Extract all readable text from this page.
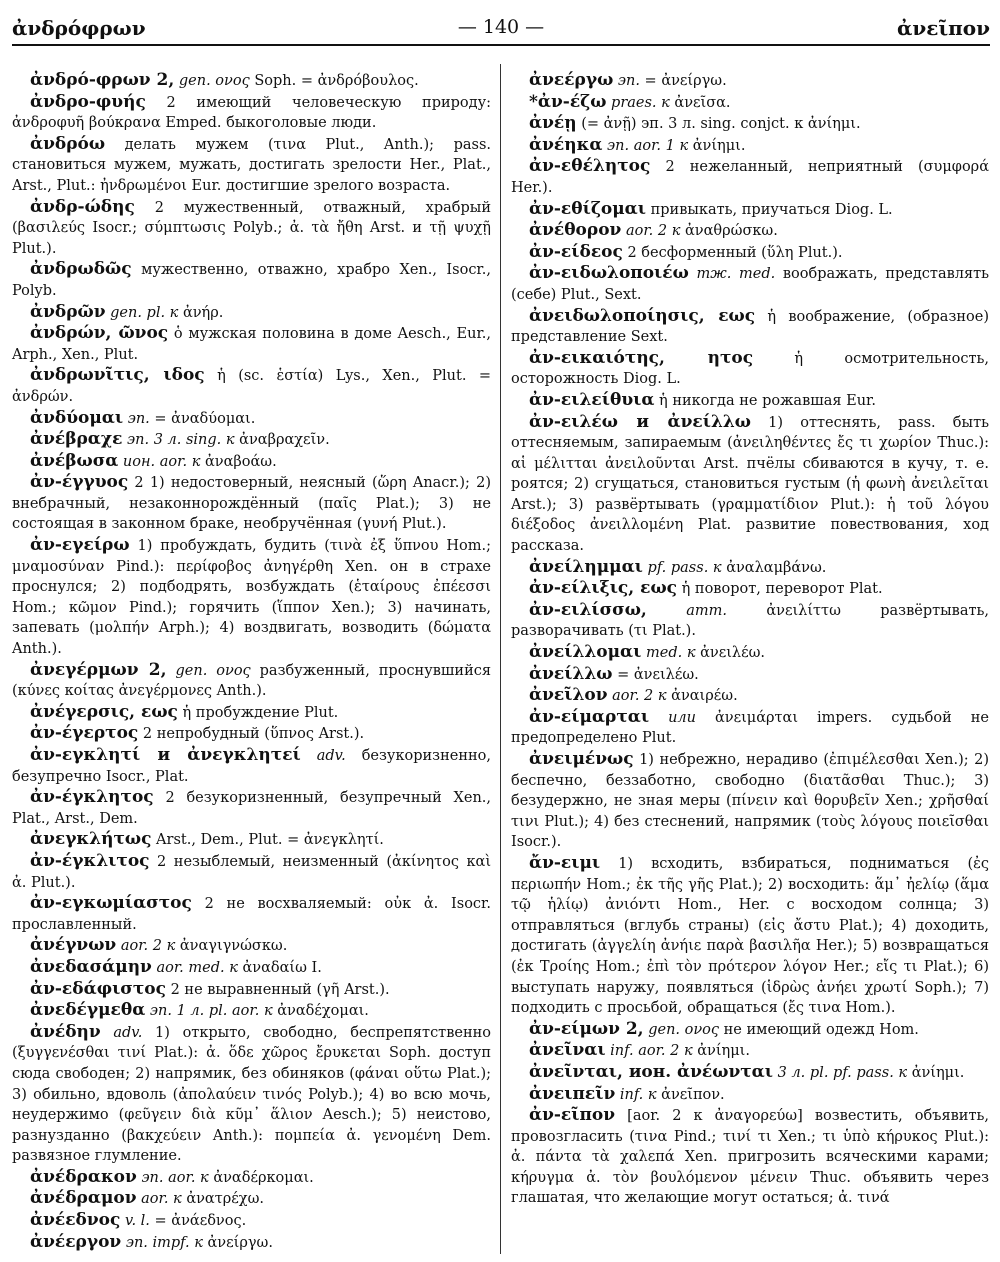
ἀνδρόφρων	— 140 —	ἀνεῖπον

ἀνδρό-φρων 2, gen. ονος Soph. = ἀνδρόβουλος.

ἀνδρο-φυής 2 имеющий человеческую природу: ἀνδροφυῆ βούκρανα Emped. быкоголовые люди.

ἀνδρόω делать мужем (τινα Plut., Anth.); pass. становиться мужем, мужать, достигать зрелости Her., Plat., Arst., Plut.: ἠνδρωμένοι Eur. достигшие зрелого возраста.

ἀνδρ-ώδης 2 мужественный, отважный, храбрый (βασιλεύς Isocr.; σύμπτωσις Polyb.; ἀ. τὰ ἤθη Arst. и τῇ ψυχῇ Plut.).

ἀνδρωδῶς мужественно, отважно, храбро Xen., Isocr., Polyb.

ἀνδρῶν gen. pl. к ἀνήρ.

ἀνδρών, ῶνος ὁ мужская половина в доме Aesch., Eur., Arph., Xen., Plut.

ἀνδρωνῖτις, ιδος ἡ (sc. ἑστία) Lys., Xen., Plut. = ἀνδρών.

ἀνδύομαι эп. = ἀναδύομαι.

ἀνέβραχε эп. 3 л. sing. к ἀναβραχεῖν.

ἀνέβωσα ион. aor. к ἀναβοάω.

ἀν-έγγυος 2 1) недостоверный, неясный (ὥρη Anacr.); 2) внебрачный, незаконнорождённый (παῖς Plat.); 3) не состоящая в законном браке, необручённая (γυνή Plut.).

ἀν-εγείρω 1) пробуждать, будить (τινὰ ἐξ ὕπνου Hom.; μναμοσύναν Pind.): περίφοβος ἀνηγέρθη Xen. он в страхе проснулся; 2) подбодрять, возбуждать (ἑταίρους ἐπέεσσι Hom.; κῶμον Pind.); горячить (ἵππον Xen.); 3) начинать, запевать (μολπήν Arph.); 4) воздвигать, возводить (δώματα Anth.).

ἀνεγέρμων 2, gen. ονος разбуженный, проснувшийся (κύνες κοίτας ἀνεγέρμονες Anth.).

ἀνέγερσις, εως ἡ пробуждение Plut.

ἀν-έγερτος 2 непробудный (ὕπνος Arst.).

ἀν-εγκλητί и ἀνεγκλητεί adv. безукоризненно, безупречно Isocr., Plat.

ἀν-έγκλητος 2 безукоризненный, безупречный Xen., Plat., Arst., Dem.

ἀνεγκλήτως Arst., Dem., Plut. = ἀνεγκλητί.

ἀν-έγκλιτος 2 незыблемый, неизменный (ἀκίνητος καὶ ἀ. Plut.).

ἀν-εγκωμίαστος 2 не восхваляемый: οὐκ ἀ. Isocr. прославленный.

ἀνέγνων aor. 2 к ἀναγιγνώσκω.

ἀνεδασάμην aor. med. к ἀναδαίω I.

ἀν-εδάφιστος 2 не выравненный (γῆ Arst.).

ἀνεδέγμεθα эп. 1 л. pl. aor. к ἀναδέχομαι.

ἀνέδην adv. 1) открыто, свободно, беспрепятственно (ξυγγενέσθαι τινί Plat.): ἀ. ὅδε χῶρος ἔρυκεται Soph. доступ сюда свободен; 2) напрямик, без обиняков (φάναι οὕτω Plat.); 3) обильно, вдоволь (ἀπολαύειν τινός Polyb.); 4) во всю мочь, неудержимо (φεῦγειν διὰ κῦμ᾽ ἅλιον Aesch.); 5) неистово, разнузданно (βακχεύειν Anth.): πομπεία ἀ. γενομένη Dem. развязное глумление.

ἀνέδρακον эп. aor. к ἀναδέρκομαι.

ἀνέδραμον aor. к ἀνατρέχω.

ἀνέεδνος v. l. = ἀνάεδνος.

ἀνέεργον эп. impf. к ἀνείργω.

ἀνεέργω эп. = ἀνείργω.

*ἀν-έζω praes. к ἀνεῖσα.

ἀνέῃ (= ἀνῇ) эп. 3 л. sing. conjct. к ἀνίημι.

ἀνέηκα эп. aor. 1 к ἀνίημι.

ἀν-εθέλητος 2 нежеланный, неприятный (συμφορά Her.).

ἀν-εθίζομαι привыкать, приучаться Diog. L.

ἀνέθορον aor. 2 к ἀναθρώσκω.

ἀν-είδεος 2 бесформенный (ὕλη Plut.).

ἀν-ειδωλοποιέω тж. med. воображать, представлять (себе) Plut., Sext.

ἀνειδωλοποίησις, εως ἡ воображение, (образное) представление Sext.

ἀν-εικαιότης, ητος	ἡ осмотрительность, осторожность Diog. L.

ἀν-ειλείθυια ἡ никогда не рожавшая Eur.

ἀν-ειλέω и ἀνείλλω 1) оттеснять, pass. быть оттесняемым, запираемым (ἀνειληθέντες ἔς τι χωρίον Thuc.): αἱ μέλιτται ἀνειλοῦνται Arst. пчёлы сбиваются в кучу, т. е. роятся; 2) сгущаться, становиться густым (ἡ φωνὴ ἀνειλεῖται Arst.); 3) развёртывать (γραμματίδιον Plut.): ἡ τοῦ λόγου διέξοδος ἀνειλλομένη Plat. развитие повествования, ход рассказа.

ἀνείλημμαι pf. pass. к ἀναλαμβάνω.

ἀν-είλιξις, εως ἡ поворот, переворот Plat.

ἀν-ειλίσσω,	атт.	ἀνειλίττω развёртывать, разворачивать (τι Plat.).

ἀνείλλομαι med. к ἀνειλέω.

ἀνείλλω = ἀνειλέω.

ἀνεῖλον aor. 2 к ἀναιρέω.

ἀν-είμαρται или ἀνειμάρται impers. судьбой не предопределено Plut.

ἀνειμένως 1) небрежно, нерадиво (ἐπιμέλεσθαι Xen.); 2) беспечно, беззаботно, свободно (διατᾶσθαι Thuc.); 3) безудержно, не зная меры (πίνειν καὶ θορυβεῖν Xen.; χρῆσθαί τινι Plut.); 4) без стеснений, напрямик (τοὺς λόγους ποιεῖσθαι Isocr.).

ἄν-ειμι 1) всходить, взбираться, подниматься (ἐς περιωπήν Hom.; ἐκ τῆς γῆς Plat.); 2) восходить: ἅμ᾽ ἠελίῳ (ἅμα τῷ ἡλίῳ) ἀνιόντι Hom., Her. с восходом солнца; 3) отправляться (вглубь страны) (εἰς ἄστυ Plat.); 4) доходить, достигать (ἀγγελίη ἀνήιε παρὰ βασιλῆα Her.); 5) возвращаться (ἐκ Τροίης Hom.; ἐπὶ τὸν πρότερον λόγον Her.; εἴς τι Plat.); 6) выступать наружу, появляться (ἱδρὼς ἀνήει χρωτί Soph.); 7) подходить с просьбой, обращаться (ἔς τινα Hom.).

ἀν-είμων 2, gen. ονος не имеющий одежд Hom.

ἀνεῖναι inf. aor. 2 к ἀνίημι.

ἀνεῖνται, ион. ἀνέωνται 3 л. pl. pf. pass. к ἀνίημι.

ἀνειπεῖν inf. к ἀνεῖπον.

ἀν-εῖπον [aor. 2 к ἀναγορεύω] возвестить, объявить, провозгласить (τινα Pind.; τινί τι Xen.; τι ὑπὸ κήρυκος Plut.): ἀ. πάντα τὰ χαλεπά Xen. пригрозить всяческими карами; κήρυγμα ἀ. τὸν βουλόμενον μένειν Thuc. объявить через глашатая, что желающие могут остаться; ἀ. τινά
